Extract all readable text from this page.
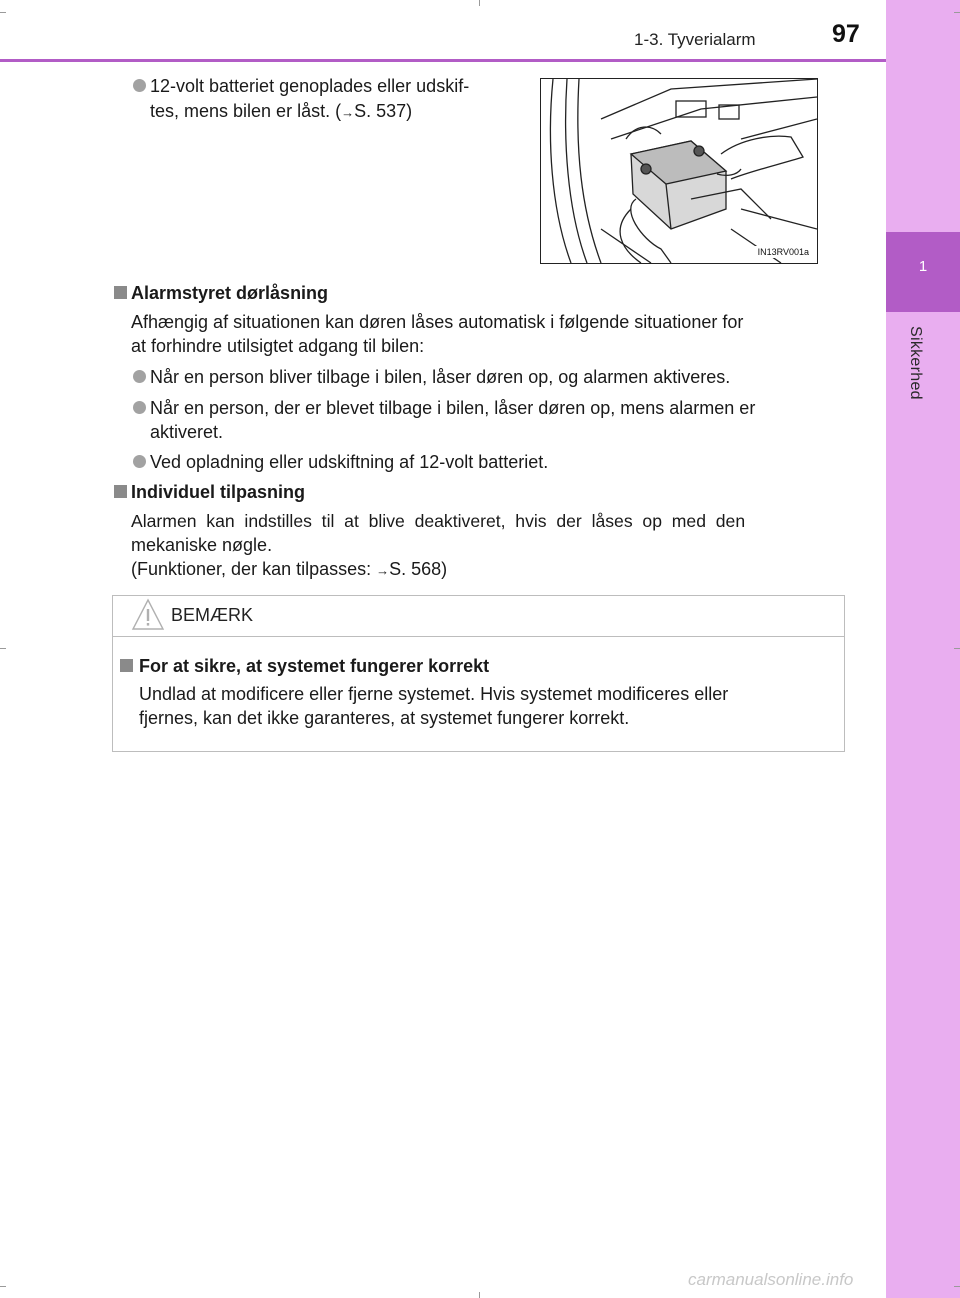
1-3. Tyverialarm	97
1
Sikkerhed
12-volt batteriet genoplades eller udskif-
tes, mens bilen er låst. (→S. 537)
IN13RV001a
Alarmstyret dørlåsning
Afhængig af situationen kan døren låses automatisk i følgende situationer for
at forhindre utilsigtet adgang til bilen:
Når en person bliver tilbage i bilen, låser døren op, og alarmen aktiveres.
Når en person, der er blevet tilbage i bilen, låser døren op, mens alarmen er
aktiveret.
Ved opladning eller udskiftning af 12-volt batteriet.
Individuel tilpasning
Alarmen  kan  indstilles  til  at  blive  deaktiveret,  hvis  der  låses  op  med  den
mekaniske nøgle.
(Funktioner, der kan tilpasses: →S. 568)
BEMÆRK
For at sikre, at systemet fungerer korrekt
Undlad at modificere eller fjerne systemet. Hvis systemet modificeres eller
fjernes, kan det ikke garanteres, at systemet fungerer korrekt.
carmanualsonline.info
